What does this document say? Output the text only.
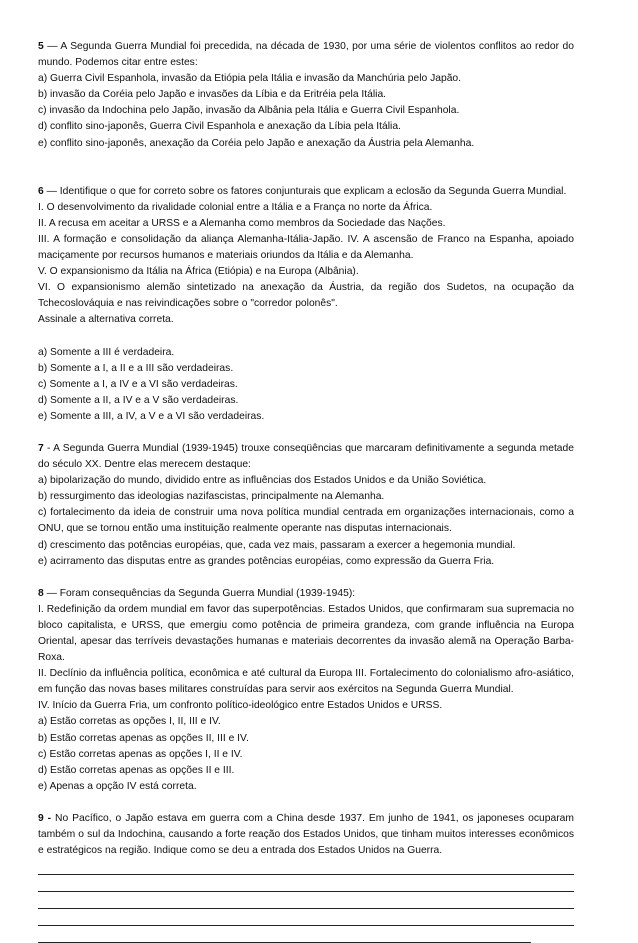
5 — A Segunda Guerra Mundial foi precedida, na década de 1930, por uma série de violentos conflitos ao redor do mundo. Podemos citar entre estes:
a) Guerra Civil Espanhola, invasão da Etiópia pela Itália e invasão da Manchúria pelo Japão.
b) invasão da Coréia pelo Japão e invasões da Líbia e da Eritréia pela Itália.
c) invasão da Indochina pelo Japão, invasão da Albânia pela Itália e Guerra Civil Espanhola.
d) conflito sino-japonês, Guerra Civil Espanhola e anexação da Líbia pela Itália.
e) conflito sino-japonês, anexação da Coréia pelo Japão e anexação da Áustria pela Alemanha.
6 — Identifique o que for correto sobre os fatores conjunturais que explicam a eclosão da Segunda Guerra Mundial.
I. O desenvolvimento da rivalidade colonial entre a Itália e a França no norte da África.
II. A recusa em aceitar a URSS e a Alemanha como membros da Sociedade das Nações.
III. A formação e consolidação da aliança Alemanha-Itália-Japão. IV. A ascensão de Franco na Espanha, apoiado maciçamente por recursos humanos e materiais oriundos da Itália e da Alemanha.
V. O expansionismo da Itália na África (Etiópia) e na Europa (Albânia).
VI. O expansionismo alemão sintetizado na anexação da Áustria, da região dos Sudetos, na ocupação da Tchecoslováquia e nas reivindicações sobre o "corredor polonês".
Assinale a alternativa correta.
a) Somente a III é verdadeira.
b) Somente a I, a II e a III são verdadeiras.
c) Somente a I, a IV e a VI são verdadeiras.
d) Somente a II, a IV e a V são verdadeiras.
e) Somente a III, a IV, a V e a VI são verdadeiras.
7 - A Segunda Guerra Mundial (1939-1945) trouxe conseqüências que marcaram definitivamente a segunda metade do século XX. Dentre elas merecem destaque:
a) bipolarização do mundo, dividido entre as influências dos Estados Unidos e da União Soviética.
b) ressurgimento das ideologias nazifascistas, principalmente na Alemanha.
c) fortalecimento da ideia de construir uma nova política mundial centrada em organizações internacionais, como a ONU, que se tornou então uma instituição realmente operante nas disputas internacionais.
d) crescimento das potências européias, que, cada vez mais, passaram a exercer a hegemonia mundial.
e) acirramento das disputas entre as grandes potências européias, como expressão da Guerra Fria.
8 — Foram consequências da Segunda Guerra Mundial (1939-1945):
I. Redefinição da ordem mundial em favor das superpotências. Estados Unidos, que confirmaram sua supremacia no bloco capitalista, e URSS, que emergiu como potência de primeira grandeza, com grande influência na Europa Oriental, apesar das terríveis devastações humanas e materiais decorrentes da invasão alemã na Operação Barba-Roxa.
II. Declínio da influência política, econômica e até cultural da Europa III. Fortalecimento do colonialismo afro-asiático, em função das novas bases militares construídas para servir aos exércitos na Segunda Guerra Mundial.
IV. Início da Guerra Fria, um confronto político-ideológico entre Estados Unidos e URSS.
a) Estão corretas as opções I, II, III e IV.
b) Estão corretas apenas as opções II, III e IV.
c) Estão corretas apenas as opções I, II e IV.
d) Estão corretas apenas as opções II e III.
e) Apenas a opção IV está correta.
9 - No Pacífico, o Japão estava em guerra com a China desde 1937. Em junho de 1941, os japoneses ocuparam também o sul da Indochina, causando a forte reação dos Estados Unidos, que tinham muitos interesses econômicos e estratégicos na região. Indique como se deu a entrada dos Estados Unidos na Guerra.
